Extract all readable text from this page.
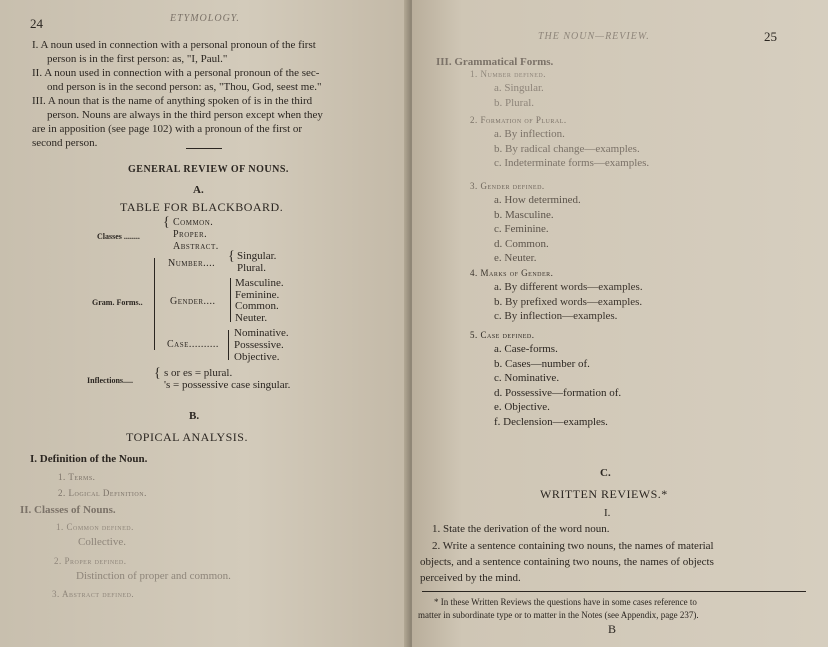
24	ETYMOLOGY.
I. A noun used in connection with a personal pronoun of the first
person is in the first person: as, "I, Paul."
II. A noun used in connection with a personal pronoun of the sec-
ond person is in the second person: as, "Thou, God, seest me."
III. A noun that is the name of anything spoken of is in the third
person. Nouns are always in the third person except when they
are in apposition (see page 102) with a pronoun of the first or
second person.
GENERAL REVIEW OF NOUNS.
A.
TABLE FOR BLACKBOARD.
Classes ........
{ Common.
Proper.
Abstract.
Gram. Forms..
Number.... { Singular.
Plural.
Gender....
Masculine.
Feminine.
Common.
Neuter.
Case..........
Nominative.
Possessive.
Objective.
Inflections..... { s or es = plural.
's = possessive case singular.
B.
TOPICAL ANALYSIS.
I. Definition of the Noun.
1. Terms.
2. Logical Definition.
II. Classes of Nouns.
1. Common defined.
Collective.
2. Proper defined.
Distinction of proper and common.
3. Abstract defined.
THE NOUN—REVIEW.	25
III. Grammatical Forms.
1. Number defined.
a. Singular.
b. Plural.
2. Formation of Plural.
a. By inflection.
b. By radical change—examples.
c. Indeterminate forms—examples.
3. Gender defined.
a. How determined.
b. Masculine.
c. Feminine.
d. Common.
e. Neuter.
4. Marks of Gender.
a. By different words—examples.
b. By prefixed words—examples.
c. By inflection—examples.
5. Case defined.
a. Case-forms.
b. Cases—number of.
c. Nominative.
d. Possessive—formation of.
e. Objective.
f. Declension—examples.
C.
WRITTEN REVIEWS.*
I.
1. State the derivation of the word noun.
2. Write a sentence containing two nouns, the names of material
objects, and a sentence containing two nouns, the names of objects
perceived by the mind.
* In these Written Reviews the questions have in some cases reference to
matter in subordinate type or to matter in the Notes (see Appendix, page 237).
B
